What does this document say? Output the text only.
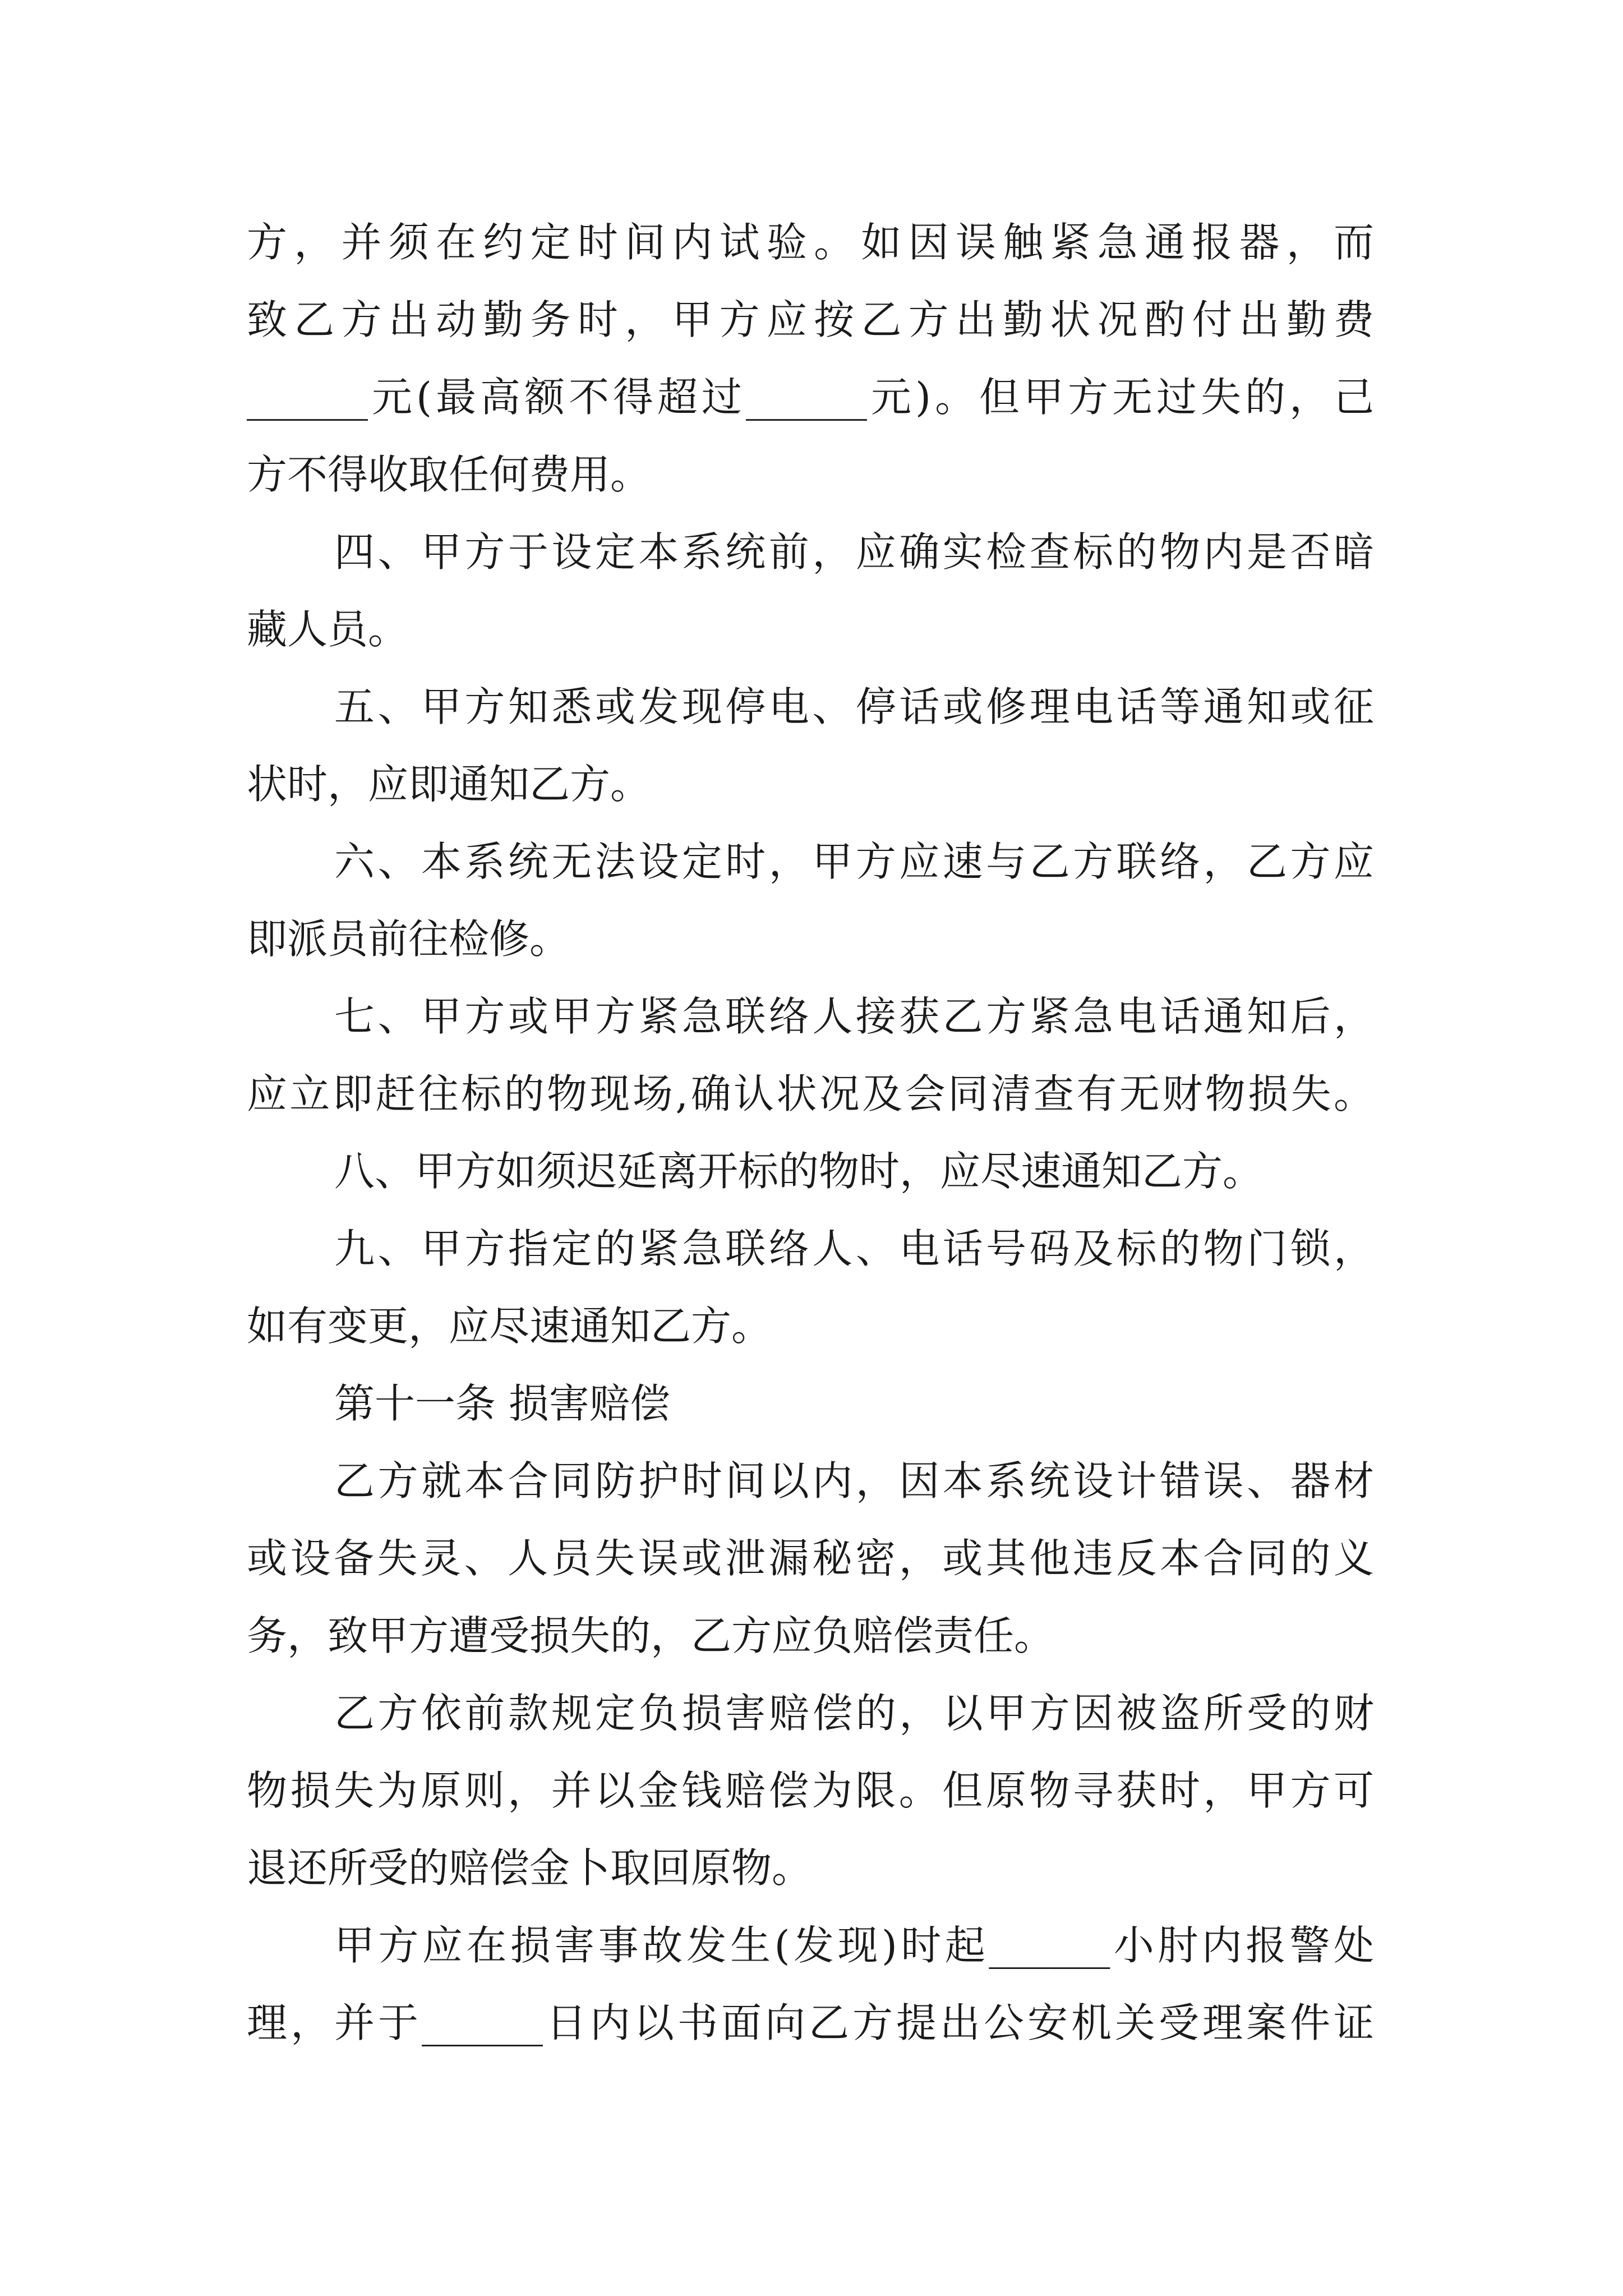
方，并须在约定时间内试验。如因误触紧急通报器，而
致乙方出动勤务时，甲方应按乙方出勤状况酌付出勤费
______元(最高额不得超过______元)。但甲方无过失的，己
方不得收取任何费用。
四、甲方于设定本系统前，应确实检查标的物内是否暗
藏人员。
五、甲方知悉或发现停电、停话或修理电话等通知或征
状时，应即通知乙方。
六、本系统无法设定时，甲方应速与乙方联络，乙方应
即派员前往检修。
七、甲方或甲方紧急联络人接获乙方紧急电话通知后，
应立即赶往标的物现场,确认状况及会同清查有无财物损失。
八、甲方如须迟延离开标的物时，应尽速通知乙方。
九、甲方指定的紧急联络人、电话号码及标的物门锁，
如有变更，应尽速通知乙方。
第十一条 损害赔偿
乙方就本合同防护时间以内，因本系统设计错误、器材
或设备失灵、人员失误或泄漏秘密，或其他违反本合同的义
务，致甲方遭受损失的，乙方应负赔偿责任。
乙方依前款规定负损害赔偿的，以甲方因被盗所受的财
物损失为原则，并以金钱赔偿为限。但原物寻获时，甲方可
退还所受的赔偿金卜取回原物。
甲方应在损害事故发生(发现)时起______小肘内报警处
理，并于______日内以书面向乙方提出公安机关受理案件证
